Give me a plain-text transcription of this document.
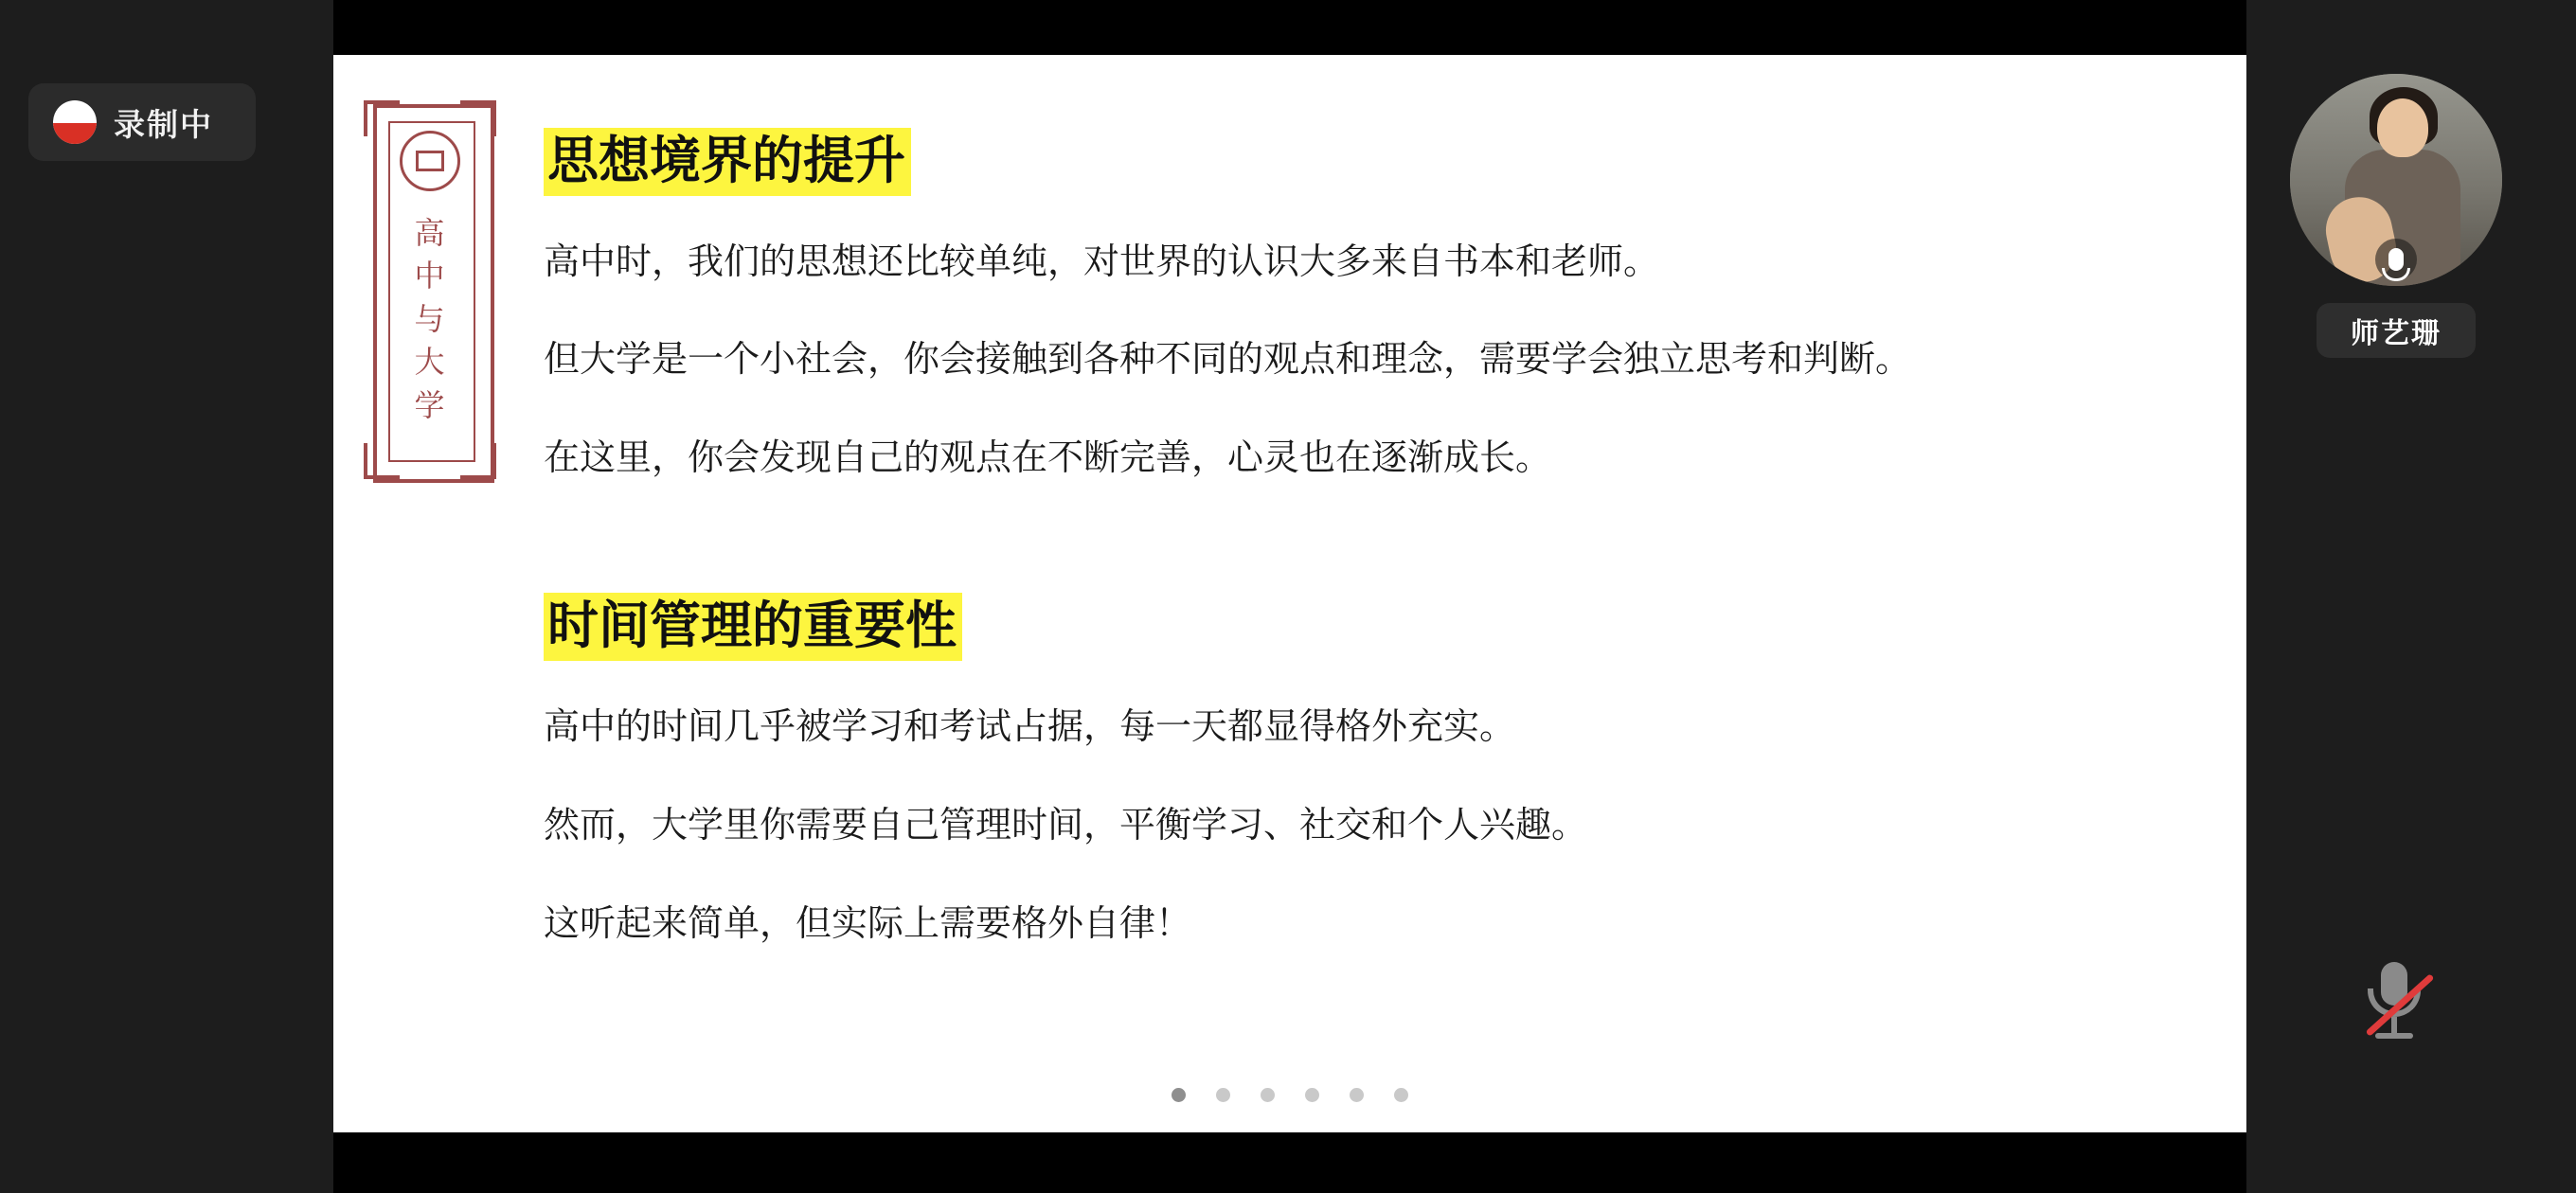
录制中
高
中
与
大
学
思想境界的提升

高中时，我们的思想还比较单纯，对世界的认识大多来自书本和老师。

但大学是一个小社会，你会接触到各种不同的观点和理念，需要学会独立思考和判断。

在这里，你会发现自己的观点在不断完善，心灵也在逐渐成长。

时间管理的重要性

高中的时间几乎被学习和考试占据，每一天都显得格外充实。

然而，大学里你需要自己管理时间，平衡学习、社交和个人兴趣。

这听起来简单，但实际上需要格外自律！

师艺珊
